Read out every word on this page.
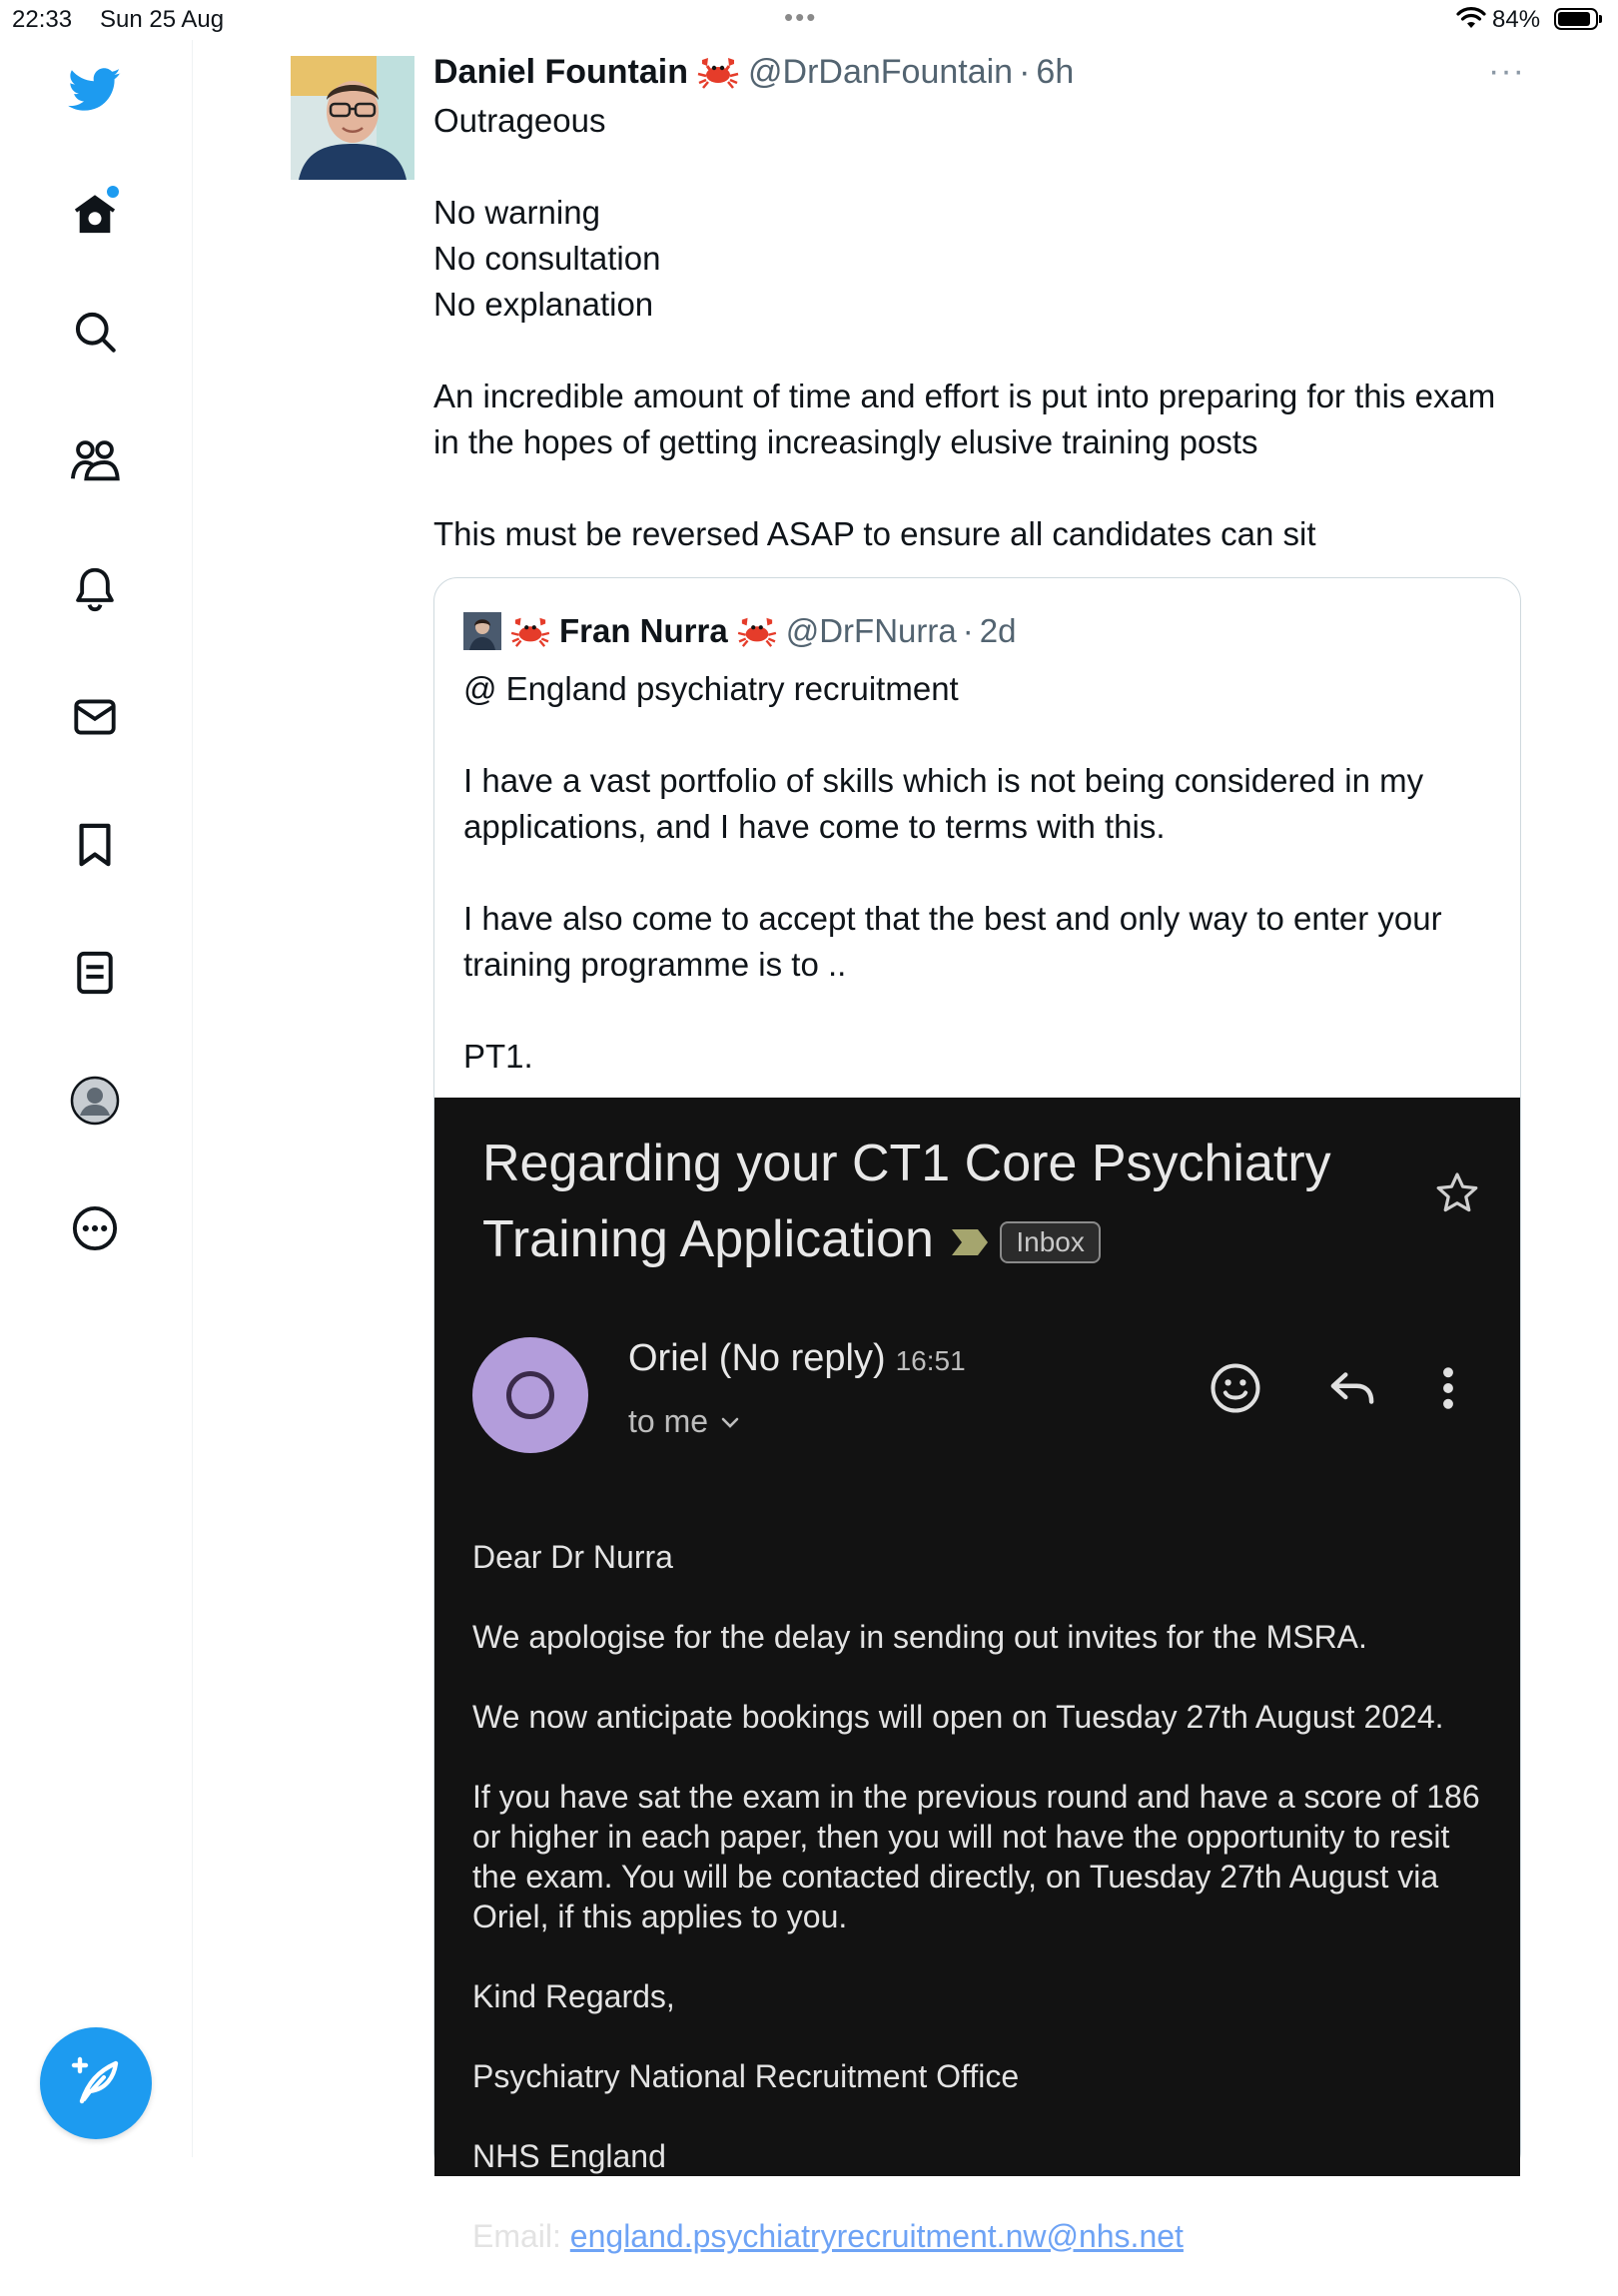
22:33 Sun 25 Aug	•••	84%
Daniel Fountain @DrDanFountain · 6h	···

Outrageous

No warning
No consultation
No explanation

An incredible amount of time and effort is put into preparing for this exam in the hopes of getting increasingly elusive training posts

This must be reversed ASAP to ensure all candidates can sit

Fran Nurra @DrFNurra · 2d

@ England psychiatry recruitment

I have a vast portfolio of skills which is not being considered in my applications, and I have come to terms with this.

I have also come to accept that the best and only way to enter your training programme is to ..

PT1.

Regarding your CT1 Core Psychiatry Training Application	Inbox
Oriel (No reply) 16:51
to me

Dear Dr Nurra

We apologise for the delay in sending out invites for the MSRA.

We now anticipate bookings will open on Tuesday 27th August 2024.

If you have sat the exam in the previous round and have a score of 186 or higher in each paper, then you will not have the opportunity to resit the exam. You will be contacted directly, on Tuesday 27th August via Oriel, if this applies to you.

Kind Regards,

Psychiatry National Recruitment Office

NHS England

Email: england.psychiatryrecruitment.nw@nhs.net
